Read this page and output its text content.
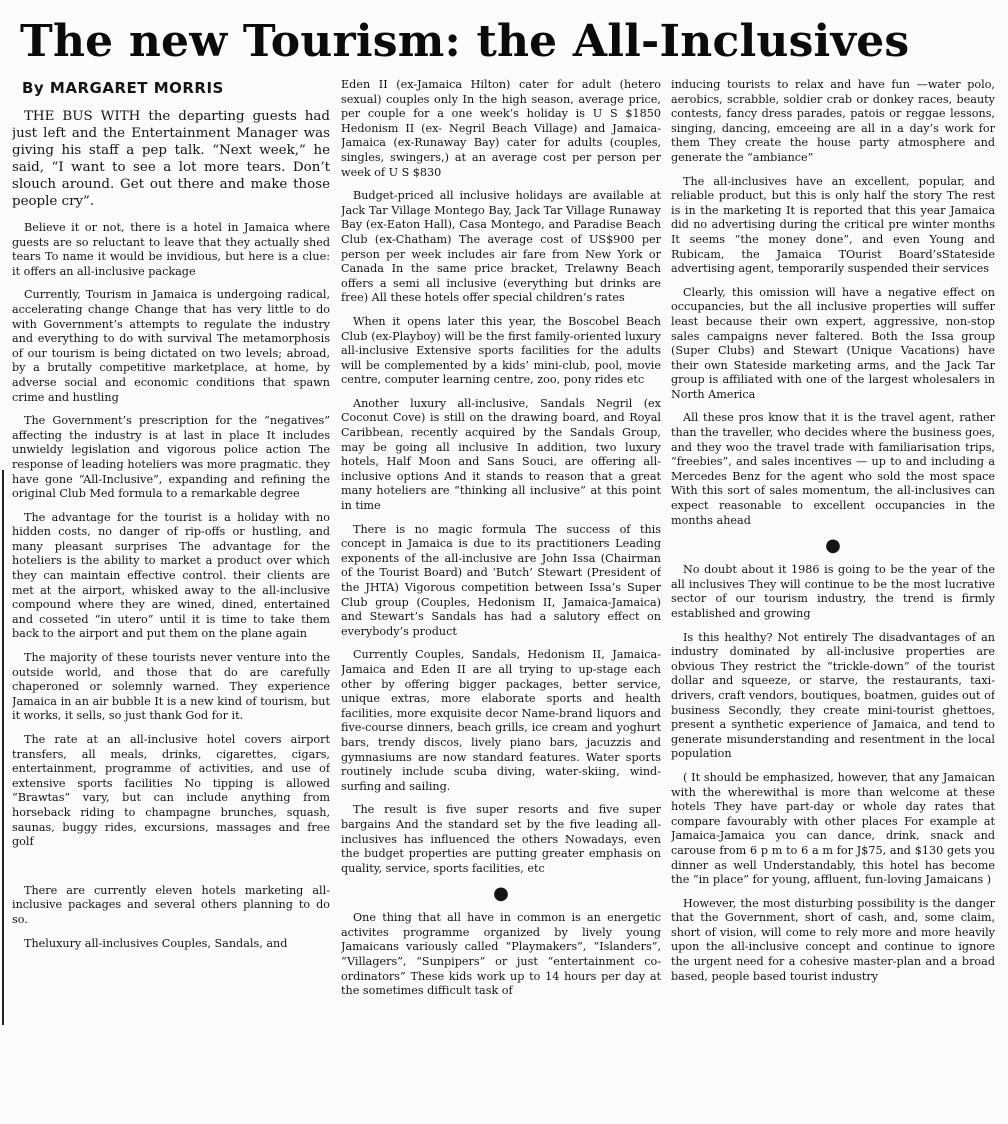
The new Tourism: the All-Inclusives
By MARGARET MORRIS

THE BUS WITH the departing guests had just left and the Entertainment Manager was giving his staff a pep talk. “Next week,” he said, “I want to see a lot more tears. Don’t slouch around. Get out there and make those people cry”.

Believe it or not, there is a hotel in Jamaica where guests are so reluctant to leave that they actually shed tears To name it would be invidious, but here is a clue: it offers an all-inclusive package

Currently, Tourism in Jamaica is undergoing radical, accelerating change Change that has very little to do with Government’s attempts to regulate the industry and everything to do with survival The metamorphosis of our tourism is being dictated on two levels; abroad, by a brutally competitive marketplace, at home, by adverse social and economic conditions that spawn crime and hustling

The Government’s prescription for the “negatives” affecting the industry is at last in place It includes unwieldy legislation and vigorous police action The response of leading hoteliers was more pragmatic. they have gone “All-Inclusive”, expanding and refining the original Club Med formula to a remarkable degree

The advantage for the tourist is a holiday with no hidden costs, no danger of rip-offs or hustling, and many pleasant surprises The advantage for the hoteliers is the ability to market a product over which they can maintain effective control. their clients are met at the airport, whisked away to the all-inclusive compound where they are wined, dined, entertained and cosseted “in utero” until it is time to take them back to the airport and put them on the plane again

The majority of these tourists never venture into the outside world, and those that do are carefully chaperoned or solemnly warned. They experience Jamaica in an air bubble It is a new kind of tourism, but it works, it sells, so just thank God for it.

The rate at an all-inclusive hotel covers airport transfers, all meals, drinks, cigarettes, cigars, entertainment, programme of activities, and use of extensive sports facilities No tipping is allowed “Brawtas” vary, but can include anything from horseback riding to champagne brunches, squash, saunas, buggy rides, excursions, massages and free golf

There are currently eleven hotels marketing all-inclusive packages and several others planning to do so.

Theluxury all-inclusives Couples, Sandals, and

Eden II (ex-Jamaica Hilton) cater for adult (hetero sexual) couples only In the high season, average price, per couple for a one week’s holiday is U S $1850 Hedonism II (ex- Negril Beach Village) and Jamaica-Jamaica (ex-Runaway Bay) cater for adults (couples, singles, swingers,) at an average cost per person per week of U S $830

Budget-priced all inclusive holidays are available at Jack Tar Village Montego Bay, Jack Tar Village Runaway Bay (ex-Eaton Hall), Casa Montego, and Paradise Beach Club (ex-Chatham) The average cost of US$900 per person per week includes air fare from New York or Canada In the same price bracket, Trelawny Beach offers a semi all inclusive (everything but drinks are free) All these hotels offer special children’s rates

When it opens later this year, the Boscobel Beach Club (ex-Playboy) will be the first family-oriented luxury all-inclusive Extensive sports facilities for the adults will be complemented by a kids’ mini-club, pool, movie centre, computer learning centre, zoo, pony rides etc

Another luxury all-inclusive, Sandals Negril (ex Coconut Cove) is still on the drawing board, and Royal Caribbean, recently acquired by the Sandals Group, may be going all inclusive In addition, two luxury hotels, Half Moon and Sans Souci, are offering all-inclusive options And it stands to reason that a great many hoteliers are “thinking all inclusive” at this point in time

There is no magic formula The success of this concept in Jamaica is due to its practitioners Leading exponents of the all-inclusive are John Issa (Chairman of the Tourist Board) and ‘Butch’ Stewart (President of the JHTA) Vigorous competition between Issa’s Super Club group (Couples, Hedonism II, Jamaica-Jamaica) and Stewart’s Sandals has had a salutory effect on everybody’s product

Currently Couples, Sandals, Hedonism II, Jamaica-Jamaica and Eden II are all trying to up-stage each other by offering bigger packages, better service, unique extras, more elaborate sports and health facilities, more exquisite decor Name-brand liquors and five-course dinners, beach grills, ice cream and yoghurt bars, trendy discos, lively piano bars, jacuzzis and gymnasiums are now standard features. Water sports routinely include scuba diving, water-skiing, wind-surfing and sailing.

The result is five super resorts and five super bargains And the standard set by the five leading all-inclusives has influenced the others Nowadays, even the budget properties are putting greater emphasis on quality, service, sports facilities, etc

●

One thing that all have in common is an energetic activites programme organized by lively young Jamaicans variously called “Playmakers”, “Islanders”, “Villagers”, “Sunpipers” or just “entertainment co-ordinators” These kids work up to 14 hours per day at the sometimes difficult task of

inducing tourists to relax and have fun —water polo, aerobics, scrabble, soldier crab or donkey races, beauty contests, fancy dress parades, patois or reggae lessons, singing, dancing, emceeing are all in a day’s work for them They create the house party atmosphere and generate the “ambiance”

The all-inclusives have an excellent, popular, and reliable product, but this is only half the story The rest is in the marketing It is reported that this year Jamaica did no advertising during the critical pre winter months It seems “the money done”, and even Young and Rubicam, the Jamaica TOurist Board’sStateside advertising agent, temporarily suspended their services

Clearly, this omission will have a negative effect on occupancies, but the all inclusive properties will suffer least because their own expert, aggressive, non-stop sales campaigns never faltered. Both the Issa group (Super Clubs) and Stewart (Unique Vacations) have their own Stateside marketing arms, and the Jack Tar group is affiliated with one of the largest wholesalers in North America

All these pros know that it is the travel agent, rather than the traveller, who decides where the business goes, and they woo the travel trade with familiarisation trips, “freebies”, and sales incentives — up to and including a Mercedes Benz for the agent who sold the most space With this sort of sales momentum, the all-inclusives can expect reasonable to excellent occupancies in the months ahead

●

No doubt about it 1986 is going to be the year of the all inclusives They will continue to be the most lucrative sector of our tourism industry, the trend is firmly established and growing

Is this healthy? Not entirely The disadvantages of an industry dominated by all-inclusive properties are obvious They restrict the “trickle-down” of the tourist dollar and squeeze, or starve, the restaurants, taxi-drivers, craft vendors, boutiques, boatmen, guides out of business Secondly, they create mini-tourist ghettoes, present a synthetic experience of Jamaica, and tend to generate misunderstanding and resentment in the local population

( It should be emphasized, however, that any Jamaican with the wherewithal is more than welcome at these hotels They have part-day or whole day rates that compare favourably with other places For example at Jamaica-Jamaica you can dance, drink, snack and carouse from 6 p m to 6 a m for J$75, and $130 gets you dinner as well Understandably, this hotel has become the “in place” for young, affluent, fun-loving Jamaicans )

However, the most disturbing possibility is the danger that the Government, short of cash, and, some claim, short of vision, will come to rely more and more heavily upon the all-inclusive concept and continue to ignore the urgent need for a cohesive master-plan and a broad based, people based tourist industry
